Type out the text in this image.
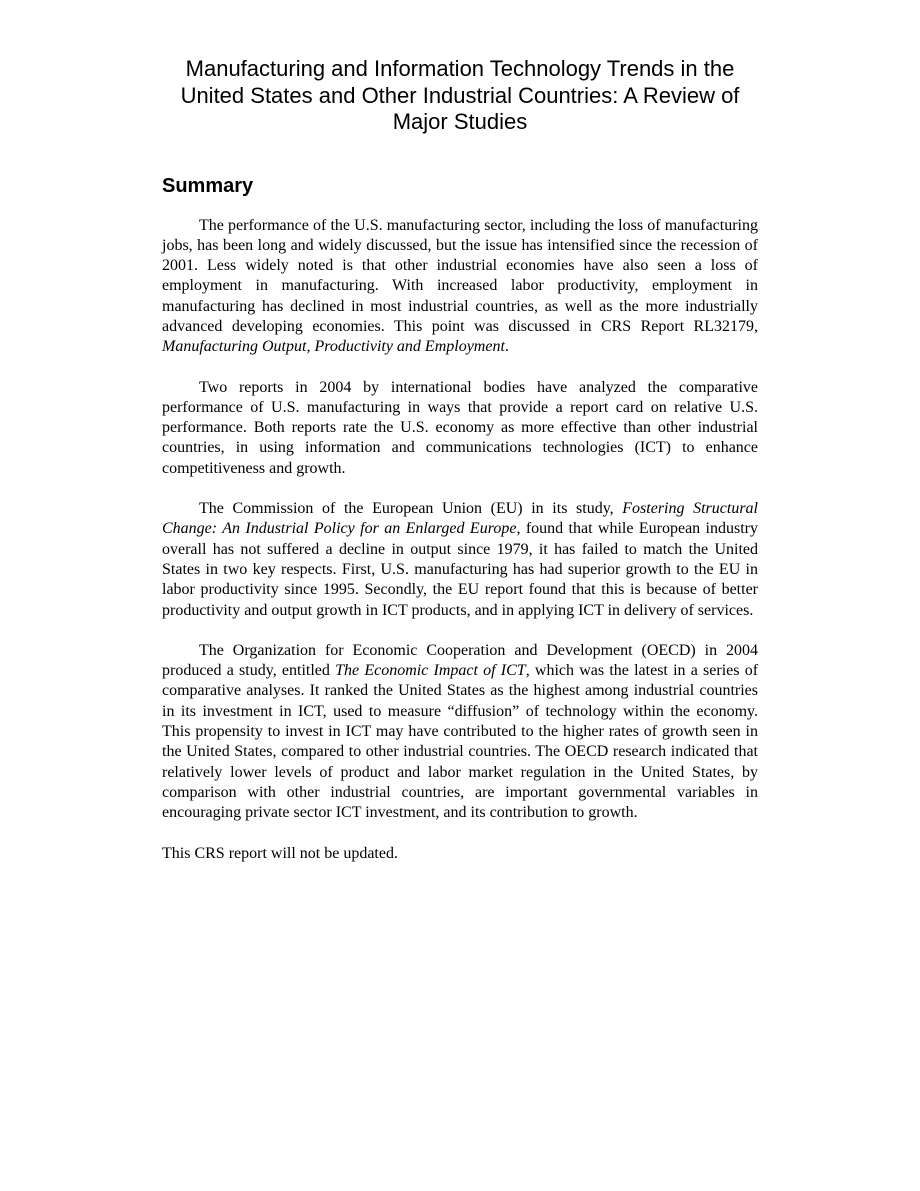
Manufacturing and Information Technology Trends in the United States and Other Industrial Countries: A Review of Major Studies
Summary

The performance of the U.S. manufacturing sector, including the loss of manufacturing jobs, has been long and widely discussed, but the issue has intensified since the recession of 2001. Less widely noted is that other industrial economies have also seen a loss of employment in manufacturing. With increased labor productivity, employment in manufacturing has declined in most industrial countries, as well as the more industrially advanced developing economies. This point was discussed in CRS Report RL32179, Manufacturing Output, Productivity and Employment.

Two reports in 2004 by international bodies have analyzed the comparative performance of U.S. manufacturing in ways that provide a report card on relative U.S. performance. Both reports rate the U.S. economy as more effective than other industrial countries, in using information and communications technologies (ICT) to enhance competitiveness and growth.

The Commission of the European Union (EU) in its study, Fostering Structural Change: An Industrial Policy for an Enlarged Europe, found that while European industry overall has not suffered a decline in output since 1979, it has failed to match the United States in two key respects. First, U.S. manufacturing has had superior growth to the EU in labor productivity since 1995. Secondly, the EU report found that this is because of better productivity and output growth in ICT products, and in applying ICT in delivery of services.

The Organization for Economic Cooperation and Development (OECD) in 2004 produced a study, entitled The Economic Impact of ICT, which was the latest in a series of comparative analyses. It ranked the United States as the highest among industrial countries in its investment in ICT, used to measure “diffusion” of technology within the economy. This propensity to invest in ICT may have contributed to the higher rates of growth seen in the United States, compared to other industrial countries. The OECD research indicated that relatively lower levels of product and labor market regulation in the United States, by comparison with other industrial countries, are important governmental variables in encouraging private sector ICT investment, and its contribution to growth.

This CRS report will not be updated.
